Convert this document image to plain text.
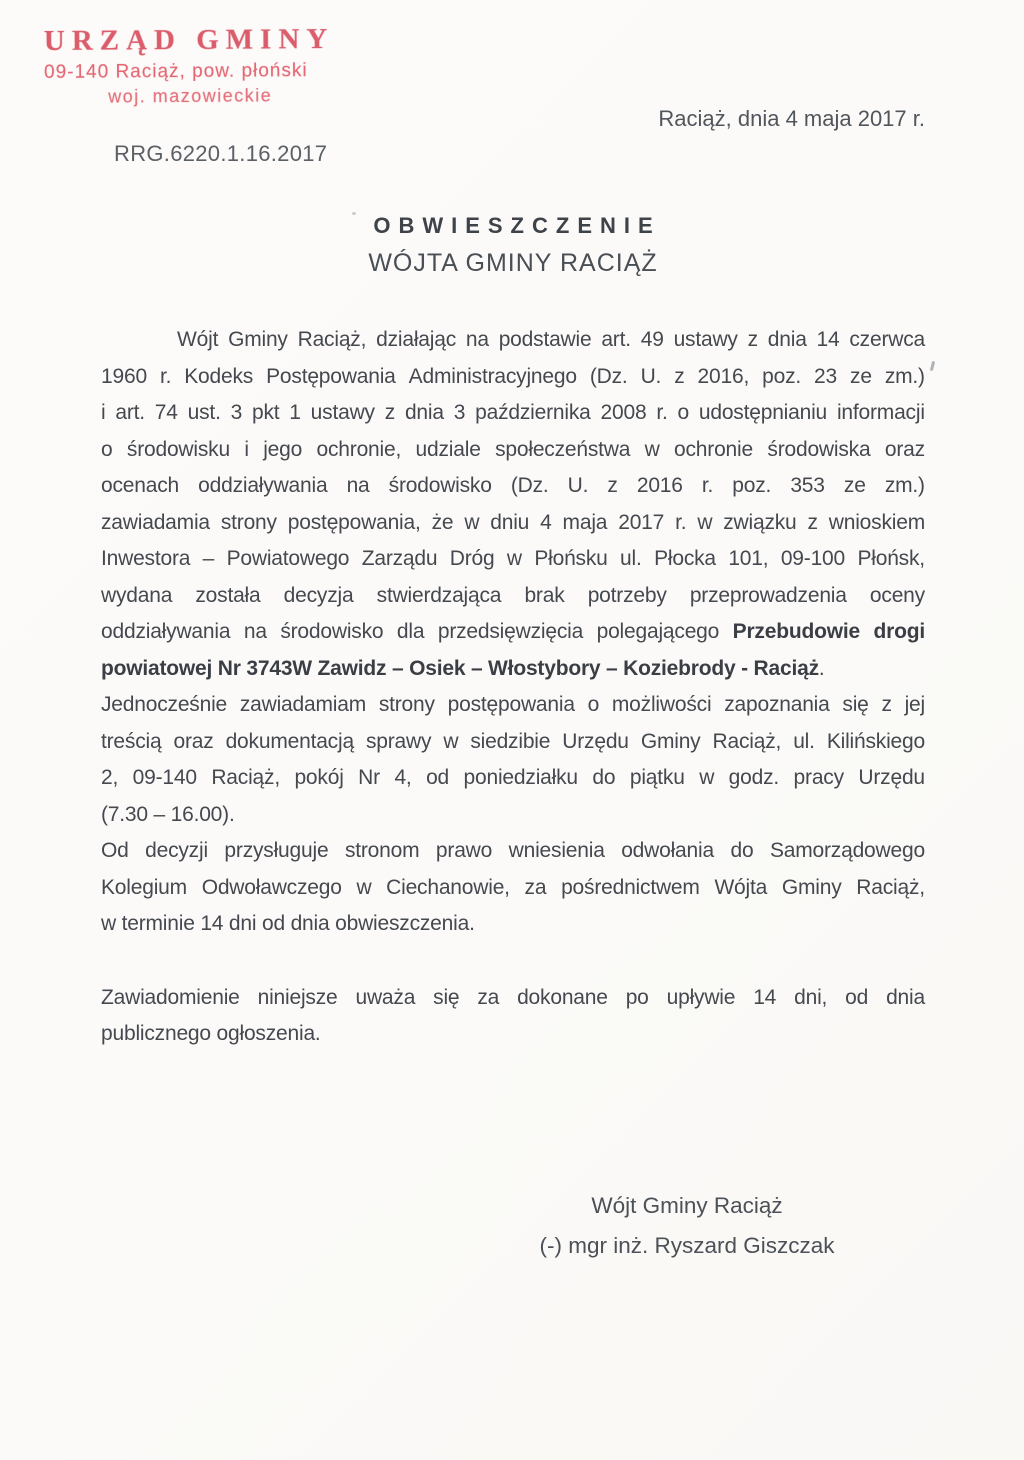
URZĄD GMINY
09-140 Raciąż, pow. płoński
woj. mazowieckie
Raciąż, dnia 4 maja 2017 r.
RRG.6220.1.16.2017
OBWIESZCZENIE
WÓJTA GMINY RACIĄŻ
Wójt Gminy Raciąż, działając na podstawie art. 49 ustawy z dnia 14 czerwca
1960 r. Kodeks Postępowania Administracyjnego (Dz. U. z 2016, poz. 23 ze zm.)
i art. 74 ust. 3 pkt 1 ustawy z dnia 3 października 2008 r. o udostępnianiu informacji
o środowisku i jego ochronie, udziale społeczeństwa w ochronie środowiska oraz
ocenach oddziaływania na środowisko (Dz. U. z 2016 r. poz. 353 ze zm.)
zawiadamia strony postępowania, że w dniu 4 maja 2017 r. w związku z wnioskiem
Inwestora – Powiatowego Zarządu Dróg w Płońsku ul. Płocka 101, 09-100 Płońsk,
wydana została decyzja stwierdzająca brak potrzeby przeprowadzenia oceny
oddziaływania na środowisko dla przedsięwzięcia polegającego Przebudowie drogi
powiatowej Nr 3743W Zawidz – Osiek – Włostybory – Koziebrody - Raciąż.
Jednocześnie zawiadamiam strony postępowania o możliwości zapoznania się z jej
treścią oraz dokumentacją sprawy w siedzibie Urzędu Gminy Raciąż, ul. Kilińskiego
2, 09-140 Raciąż, pokój Nr 4, od poniedziałku do piątku w godz. pracy Urzędu
(7.30 – 16.00).
Od decyzji przysługuje stronom prawo wniesienia odwołania do Samorządowego
Kolegium Odwoławczego w Ciechanowie, za pośrednictwem Wójta Gminy Raciąż,
w terminie 14 dni od dnia obwieszczenia.
Zawiadomienie niniejsze uważa się za dokonane po upływie 14 dni, od dnia
publicznego ogłoszenia.
Wójt Gminy Raciąż
(-) mgr inż. Ryszard Giszczak
